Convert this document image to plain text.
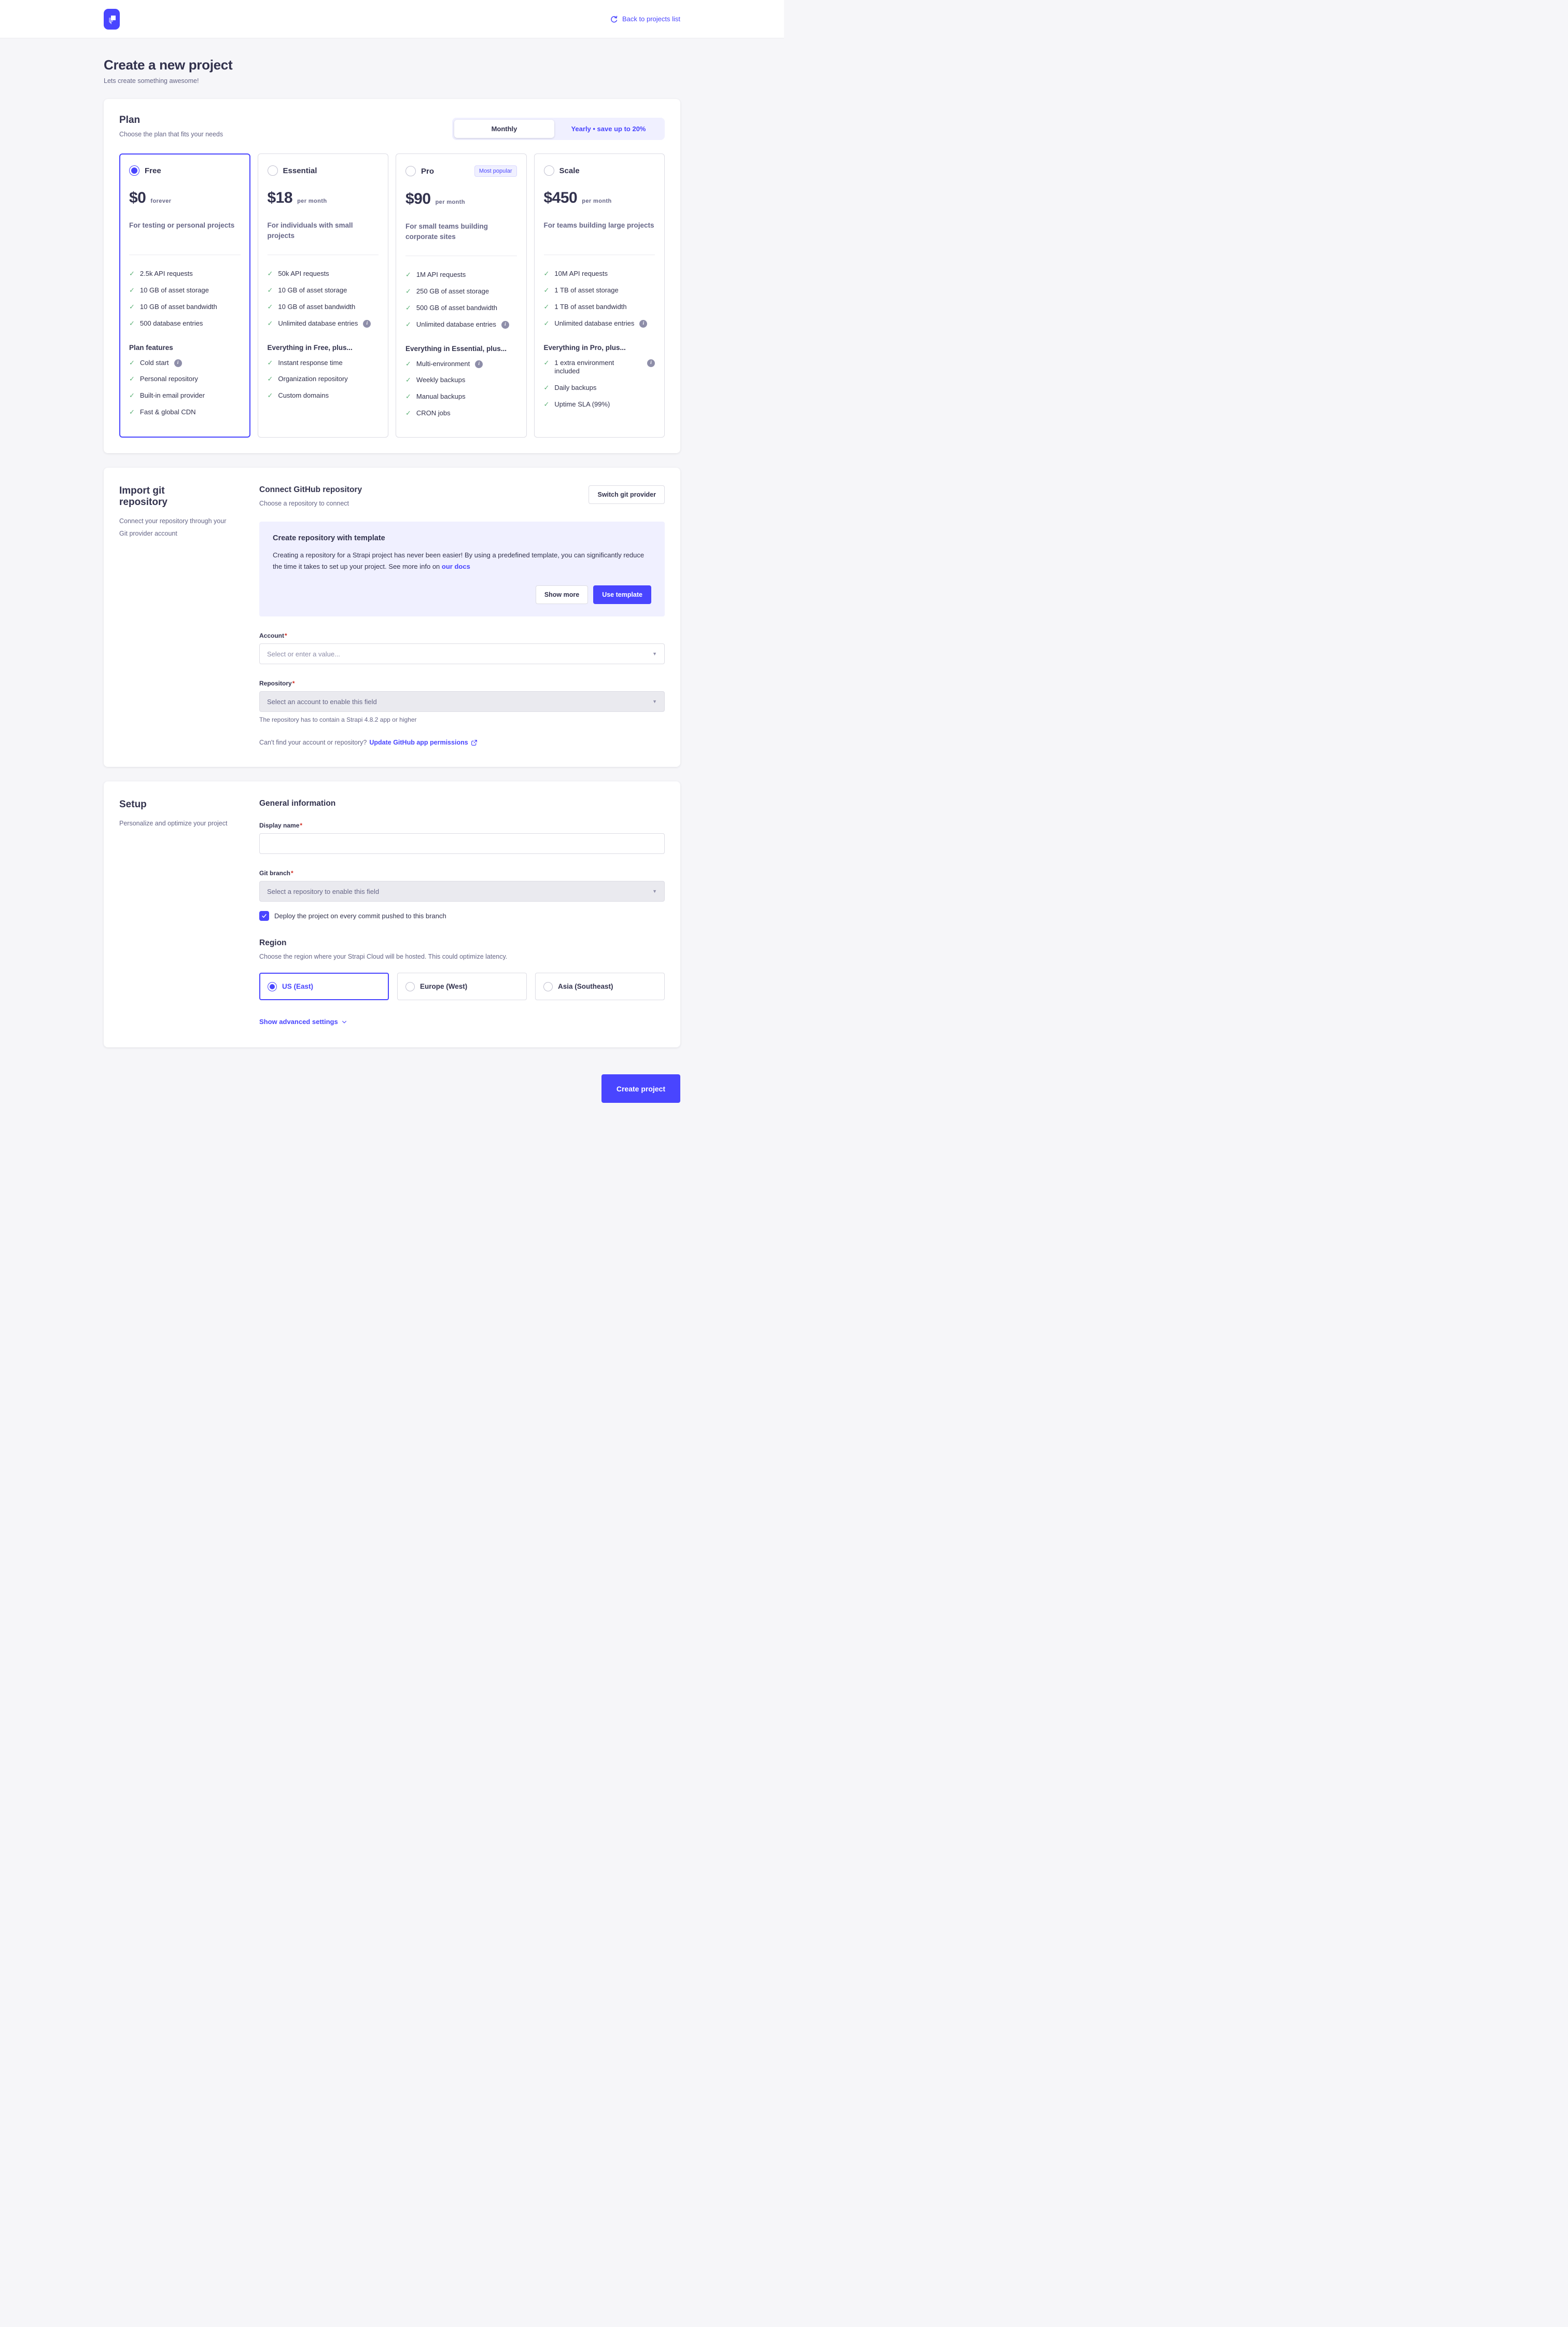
Back to projects list
Create a new project

Lets create something awesome!

Plan

Choose the plan that fits your needs

Monthly	Yearly • save up to 20%
Free
$0 forever

For testing or personal projects

✓ 2.5k API requests
✓ 10 GB of asset storage
✓ 10 GB of asset bandwidth
✓ 500 database entries

Plan features

✓ Cold start	i
✓ Personal repository
✓ Built-in email provider
✓ Fast & global CDN
Essential
$18 per month

For individuals with small projects

✓ 50k API requests
✓ 10 GB of asset storage
✓ 10 GB of asset bandwidth
✓ Unlimited database entries	i

Everything in Free, plus...

✓ Instant response time
✓ Organization repository
✓ Custom domains
Pro	Most popular
$90 per month

For small teams building corporate sites

✓ 1M API requests
✓ 250 GB of asset storage
✓ 500 GB of asset bandwidth
✓ Unlimited database entries	i

Everything in Essential, plus...

✓ Multi-environment	i
✓ Weekly backups
✓ Manual backups
✓ CRON jobs
Scale
$450 per month

For teams building large projects

✓ 10M API requests
✓ 1 TB of asset storage
✓ 1 TB of asset bandwidth
✓ Unlimited database entries	i

Everything in Pro, plus...

✓ 1 extra environment included
i
✓ Daily backups
✓ Uptime SLA (99%)
Import git repository

Connect your repository through your Git provider account

Connect GitHub repository

Choose a repository to connect

Switch git provider
Create repository with template

Creating a repository for a Strapi project has never been easier! By using a predefined template, you can significantly reduce the time it takes to set up your project. See more info on our docs

Show more	Use template
Account*
Select or enter a value...	▼
Repository*
Select an account to enable this field	▼

The repository has to contain a Strapi 4.8.2 app or higher

Can't find your account or repository? Update GitHub app permissions

Setup

Personalize and optimize your project

General information
Display name*
Git branch*
Select a repository to enable this field	▼
Deploy the project on every commit pushed to this branch
Region

Choose the region where your Strapi Cloud will be hosted. This could optimize latency.

US (East)	Europe (West)	Asia (Southeast)
Show advanced settings
Create project
